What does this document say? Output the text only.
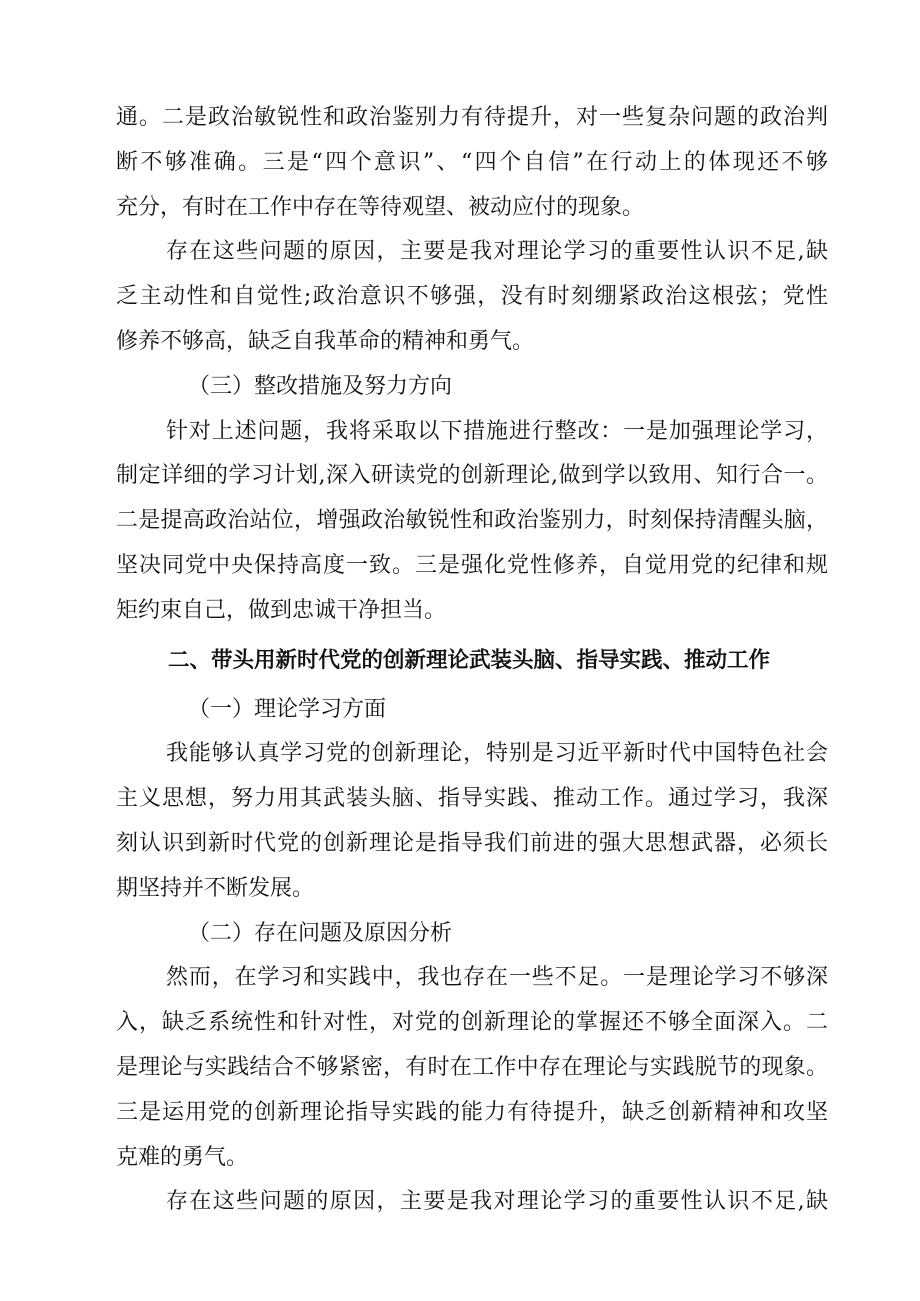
通。二是政治敏锐性和政治鉴别力有待提升，对一些复杂问题的政治判
断不够准确。三是“四个意识”、“四个自信”在行动上的体现还不够
充分，有时在工作中存在等待观望、被动应付的现象。
存在这些问题的原因，主要是我对理论学习的重要性认识不足,缺
乏主动性和自觉性;政治意识不够强，没有时刻绷紧政治这根弦；党性
修养不够高，缺乏自我革命的精神和勇气。
（三）整改措施及努力方向
针对上述问题，我将采取以下措施进行整改：一是加强理论学习，
制定详细的学习计划,深入研读党的创新理论,做到学以致用、知行合一。
二是提高政治站位，增强政治敏锐性和政治鉴别力，时刻保持清醒头脑，
坚决同党中央保持高度一致。三是强化党性修养，自觉用党的纪律和规
矩约束自己，做到忠诚干净担当。
二、带头用新时代党的创新理论武装头脑、指导实践、推动工作
（一）理论学习方面
我能够认真学习党的创新理论，特别是习近平新时代中国特色社会
主义思想，努力用其武装头脑、指导实践、推动工作。通过学习，我深
刻认识到新时代党的创新理论是指导我们前进的强大思想武器，必须长
期坚持并不断发展。
（二）存在问题及原因分析
然而，在学习和实践中，我也存在一些不足。一是理论学习不够深
入，缺乏系统性和针对性，对党的创新理论的掌握还不够全面深入。二
是理论与实践结合不够紧密，有时在工作中存在理论与实践脱节的现象。
三是运用党的创新理论指导实践的能力有待提升，缺乏创新精神和攻坚
克难的勇气。
存在这些问题的原因，主要是我对理论学习的重要性认识不足,缺
